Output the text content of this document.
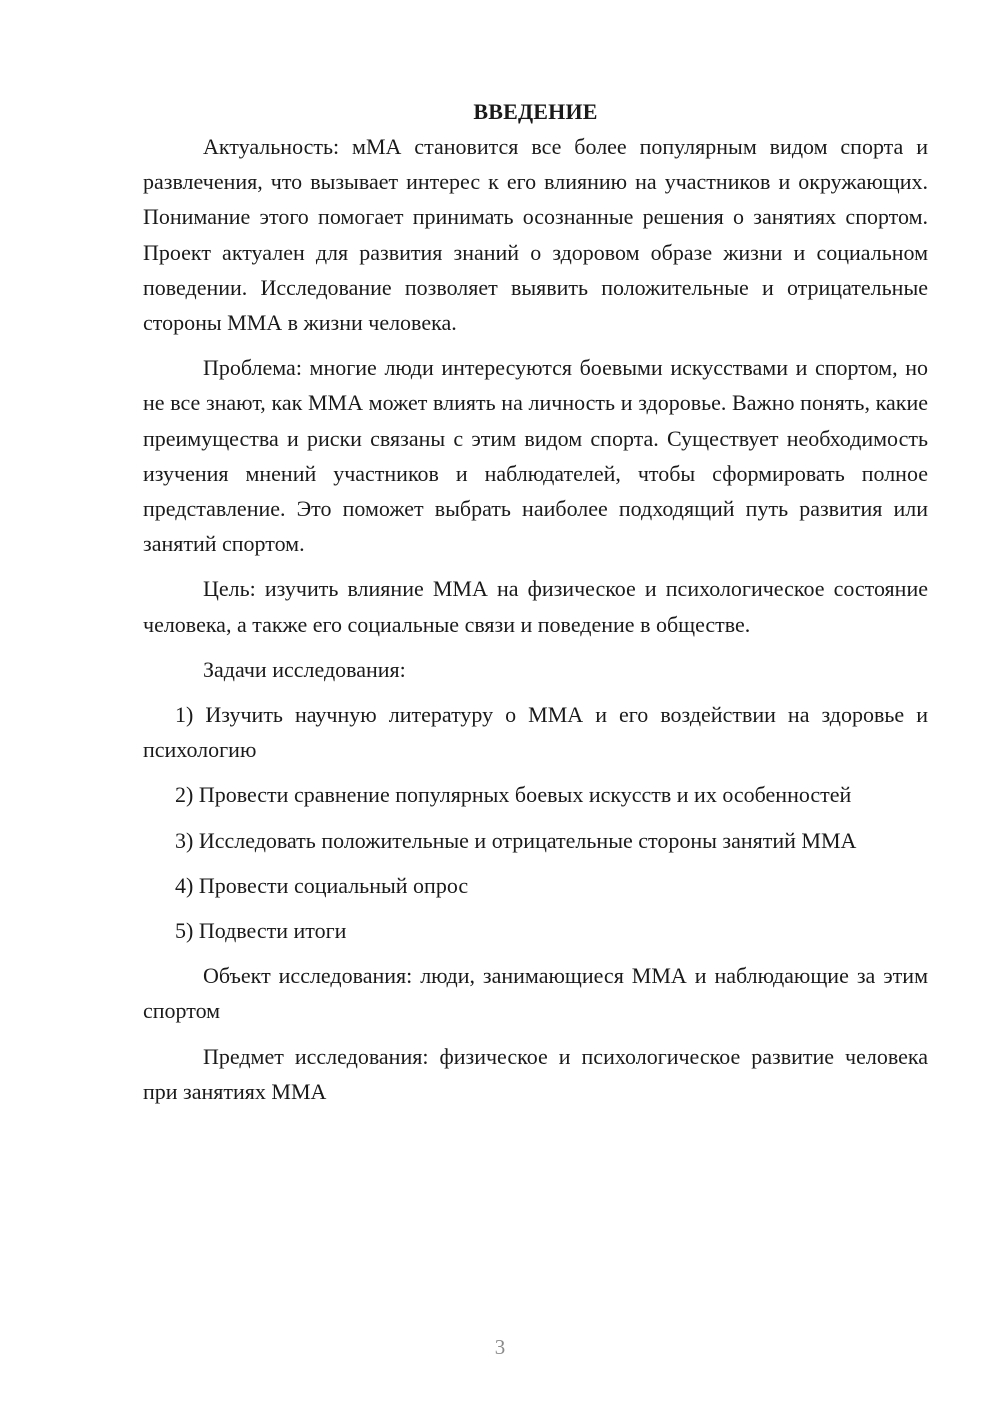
ВВЕДЕНИЕ

Актуальность: мМА становится все более популярным видом спорта и развлечения, что вызывает интерес к его влиянию на участников и окружающих. Понимание этого помогает принимать осознанные решения о занятиях спортом. Проект актуален для развития знаний о здоровом образе жизни и социальном поведении. Исследование позволяет выявить положительные и отрицательные стороны ММА в жизни человека.

Проблема: многие люди интересуются боевыми искусствами и спортом, но не все знают, как ММА может влиять на личность и здоровье. Важно понять, какие преимущества и риски связаны с этим видом спорта. Существует необходимость изучения мнений участников и наблюдателей, чтобы сформировать полное представление. Это поможет выбрать наиболее подходящий путь развития или занятий спортом.

Цель: изучить влияние ММА на физическое и психологическое состояние человека, а также его социальные связи и поведение в обществе.

Задачи исследования:

1) Изучить научную литературу о ММА и его воздействии на здоровье и психологию

2) Провести сравнение популярных боевых искусств и их особенностей

3) Исследовать положительные и отрицательные стороны занятий ММА

4) Провести социальный опрос

5) Подвести итоги

Объект исследования: люди, занимающиеся ММА и наблюдающие за этим спортом

Предмет исследования: физическое и психологическое развитие человека при занятиях ММА

3
